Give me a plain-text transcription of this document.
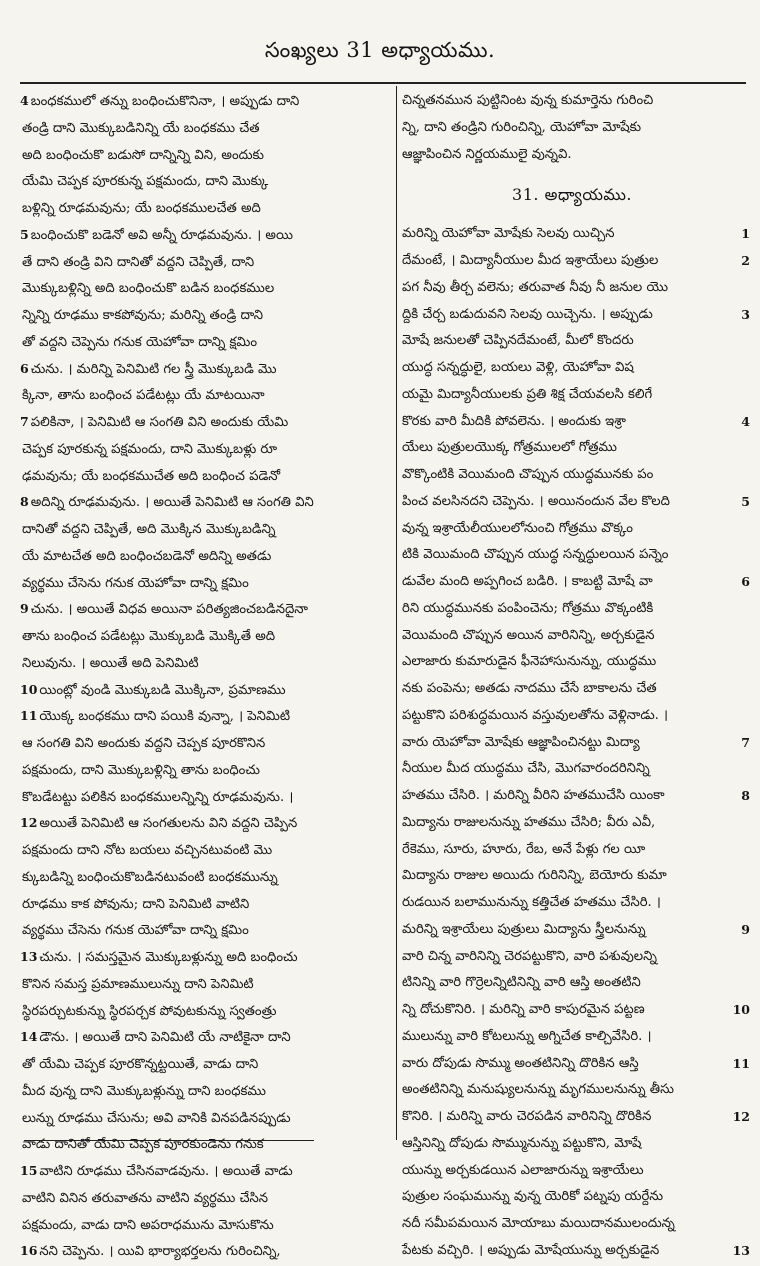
సంఖ్యలు 31 అధ్యాయము.
4 బంధకములో తన్ను బంధించుకొనినా, । అప్పుడు దాని
తండ్రి దాని మొక్కుబడినిన్ని యే బంధకము చేత
అది బంధించుకొ బడుసో దాన్నిన్ని విని, అందుకు
యేమి చెప్పక పూరకున్న పక్షమందు, దాని మొక్కు
బళ్లిన్ని రూఢమవును; యే బంధకములచేత అది
5 బంధించుకొ బడెనో అవి అన్నీ రూఢమవును. । అయి
తే దాని తండ్రి విని దానితో వద్దని చెప్పితే, దాని
మొక్కుబళ్లిన్ని అది బంధించుకొ బడిన బంధకముల
న్నిన్ని రూఢము కాకపోవును; మరిన్ని తండ్రి దాని
తో వద్దని చెప్పెను గనుక యెహోవా దాన్ని క్షమిం
6 చును. । మరిన్ని పెనిమిటి గల స్త్రీ మొక్కుబడి మొ
క్కినా, తాను బంధించ పడేటట్లు యే మాటయినా
7 పలికినా, । పెనిమిటి ఆ సంగతి విని అందుకు యేమి
చెప్పక పూరకున్న పక్షమందు, దాని మొక్కుబళ్లు రూ
ఢమవును; యే బంధకముచేత అది బంధించ పడెనో
8 అదిన్ని రూఢమవును. । అయితే పెనిమిటి ఆ సంగతి విని
దానితో వద్దని చెప్పితే, అది మొక్కిన మొక్కుబడిన్ని
యే మాటచేత అది బంధించబడెనో అదిన్ని అతడు
వ్యర్థము చేసెను గనుక యెహోవా దాన్ని క్షమిం
9 చును. । అయితే విధవ అయినా పరిత్యజించబడినదైనా
తాను బంధించ పడేటట్లు మొక్కుబడి మొక్కితే అది
నిలువును. । అయితే అది పెనిమిటి
10 యింట్లో వుండి మొక్కుబడి మొక్కినా, ప్రమాణము
11 యొక్క బంధకము దాని పయికి వున్నా, । పెనిమిటి
ఆ సంగతి విని అందుకు వద్దని చెప్పక పూరకొనిన
పక్షమందు, దాని మొక్కుబళ్లిన్ని తాను బంధించు
కొబడేటట్టు పలికిన బంధకములన్నిన్ని రూఢమవును. ।
12 అయితే పెనిమిటి ఆ సంగతులను విని వద్దని చెప్పిన
పక్షమందు దాని నోట బయలు వచ్చినటువంటి మొ
క్కుబడిన్ని బంధించుకొబడినటువంటి బంధకమున్ను
రూఢము కాక పోవును; దాని పెనిమిటి వాటిని
వ్యర్థము చేసెను గనుక యెహోవా దాన్ని క్షమిం
13 చును. । సమస్తమైన మొక్కుబళ్లున్ను అది బంధించు
కొనిన సమస్త ప్రమాణములున్ను దాని పెనిమిటి
స్థిరపర్చుటకున్ను స్థిరపర్చక పోవుటకున్ను స్వతంత్రు
14 డౌను. । అయితే దాని పెనిమిటి యే నాటికైనా దాని
తో యేమి చెప్పక పూరకొన్నట్టయితే, వాడు దాని
మీద వున్న దాని మొక్కుబళ్లున్ను దాని బంధకము
లున్ను రూఢము చేసును; అవి వానికి వినపడినప్పుడు
వాడు దానితో యేమి చెప్పక పూరకుండెను గనుక
15 వాటిని రూఢము చేసినవాడవును. । అయితే వాడు
వాటిని వినిన తరువాతను వాటిని వ్యర్థము చేసిన
పక్షమందు, వాడు దాని అపరాధమును మోసుకొను
16 నని చెప్పెను. । యివి భార్యాభర్తలను గురించిన్ని,
చిన్నతనమున పుట్టినింట వున్న కుమార్తెను గురించి
న్ని, దాని తండ్రిని గురించిన్ని, యెహోవా మోషేకు
ఆజ్ఞాపించిన నిర్ణయములై వున్నవి.
31. అధ్యాయము.
మరిన్ని యెహోవా మోషేకు సెలవు యిచ్చిన	1
దేమంటే, । మిద్యానీయుల మీద ఇశ్రాయేలు పుత్రుల	2
పగ నీవు తీర్చ వలెను; తరువాత నీవు నీ జనుల యొ
ద్దికి చేర్చ బడుదువని సెలవు యిచ్చెను. । అప్పుడు	3
మోషే జనులతో చెప్పినదేమంటే, మీలో కొందరు
యుద్ధ సన్నద్ధులై, బయలు వెళ్లి, యెహోవా విష
యమై మిద్యానీయులకు ప్రతి శిక్ష చేయవలసి కలిగే
కొరకు వారి మీదికి పోవలెను. । అందుకు ఇశ్రా	4
యేలు పుత్రులయొక్క గోత్రములలో గోత్రము
వొక్కొంటికి వెయిమంది చొప్పున యుద్ధమునకు పం
పించ వలసినదని చెప్పెను. । అయినందున వేల కొలది	5
వున్న ఇశ్రాయేలీయులలోనుంచి గోత్రము వొక్కం
టికి వెయిమంది చొప్పున యుద్ధ సన్నద్ధులయిన పన్నెం
డువేల మంది అప్పగించ బడిరి. । కాబట్టి మోషే వా	6
రిని యుద్ధమునకు పంపించెను; గోత్రము వొక్కంటికి
వెయిమంది చొప్పున అయిన వారినిన్ని, అర్చకుడైన
ఎలాజారు కుమారుడైన ఫీనెహాసునున్ను, యుద్ధము
నకు పంపెను; అతడు నాదము చేసే బాకాలను చేత
పట్టుకొని పరిశుద్ధమయిన వస్తువులతోను వెళ్లినాడు. ।
వారు యెహోవా మోషేకు ఆజ్ఞాపించినట్టు మిద్యా	7
నీయుల మీద యుద్ధము చేసి, మొగవారందరినిన్ని
హతము చేసిరి. । మరిన్ని వీరిని హతముచేసి యింకా	8
మిద్యాను రాజులనున్ను హతము చేసిరి; వీరు ఎవీ,
రేకెము, సూరు, హూరు, రేబ, అనే పేళ్లు గల యీ
మిద్యాను రాజుల అయిదు గురినిన్ని, బెయోరు కుమా
రుడయిన బలామునున్ను కత్తిచేత హతము చేసిరి. ।
మరిన్ని ఇశ్రాయేలు పుత్రులు మిద్యాను స్త్రీలనున్ను	9
వారి చిన్న వారినిన్ని చెరపట్టుకొని, వారి పశువులన్ని
టినిన్ని వారి గొర్రెలన్నిటినిన్ని వారి ఆస్తి అంతటిని
న్ని దోచుకొనిరి. । మరిన్ని వారి కాపురమైన పట్టణ	10
ములున్ను వారి కోటలున్ను అగ్నిచేత కాల్చివేసిరి. ।
వారు దోపుడు సొమ్ము అంతటినిన్ని దొరికిన ఆస్తి	11
అంతటినిన్ని మనుష్యులనున్ను మృగములనున్ను తీసు
కొనిరి. । మరిన్ని వారు చెరపడిన వారినిన్ని దొరికిన	12
ఆస్తినిన్ని దోపుడు సొమ్మునున్ను పట్టుకొని, మోషే
యున్ను అర్చకుడయిన ఎలాజారున్ను ఇశ్రాయేలు
పుత్రుల సంఘమున్ను వున్న యెరికో పట్నపు యర్దేను
నదీ సమీపమయిన మోయాబు మయిదానములందున్న
పేటకు వచ్చిరి. । అప్పుడు మోషేయున్ను అర్చకుడైన	13
